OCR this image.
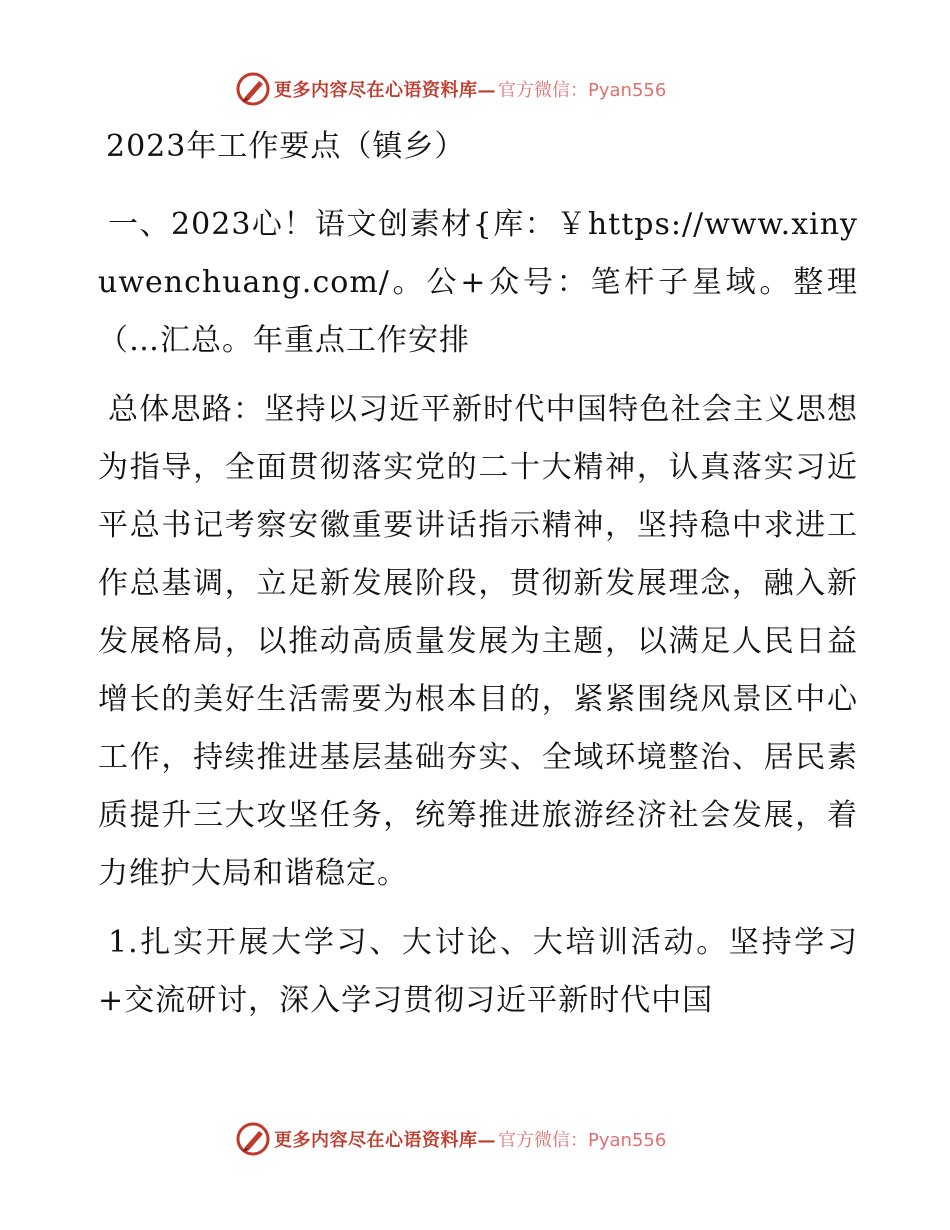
更多内容尽在心语资料库— 官方微信：Pyan556
2023年工作要点（镇乡）

一、2023心！语文创素材{库：￥https://www.xinyuwenchuang.com/。公+众号：笔杆子星域。整理（…汇总。年重点工作安排

总体思路：坚持以习近平新时代中国特色社会主义思想为指导，全面贯彻落实党的二十大精神，认真落实习近平总书记考察安徽重要讲话指示精神，坚持稳中求进工作总基调，立足新发展阶段，贯彻新发展理念，融入新发展格局，以推动高质量发展为主题，以满足人民日益增长的美好生活需要为根本目的，紧紧围绕风景区中心工作，持续推进基层基础夯实、全域环境整治、居民素质提升三大攻坚任务，统筹推进旅游经济社会发展，着力维护大局和谐稳定。

1.扎实开展大学习、大讨论、大培训活动。坚持学习+交流研讨，深入学习贯彻习近平新时代中国

更多内容尽在心语资料库— 官方微信：Pyan556
